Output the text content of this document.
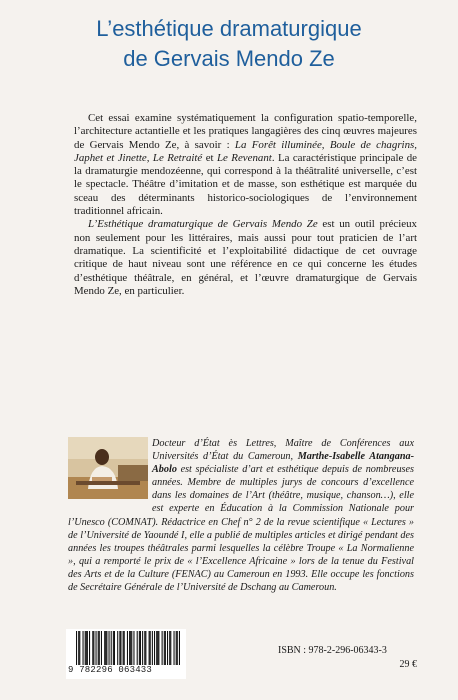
L’esthétique dramaturgique
de Gervais Mendo Ze

Cet essai examine systématiquement la configuration spatio-temporelle, l’architecture actantielle et les pratiques langagières des cinq œuvres majeures de Gervais Mendo Ze, à savoir : La Forêt illuminée, Boule de chagrins, Japhet et Jinette, Le Retraité et Le Revenant. La caractéristique principale de la dramaturgie mendozéenne, qui correspond à la théâtralité universelle, c’est le spectacle. Théâtre d’imitation et de masse, son esthétique est marquée du sceau des déterminants historico-sociologiques de l’environnement traditionnel africain.

L’Esthétique dramaturgique de Gervais Mendo Ze est un outil précieux non seulement pour les littéraires, mais aussi pour tout praticien de l’art dramatique. La scientificité et l’exploitabilité didactique de cet ouvrage critique de haut niveau sont une référence en ce qui concerne les études d’esthétique théâtrale, en général, et l’œuvre dramaturgique de Gervais Mendo Ze, en particulier.

Docteur d’État ès Lettres, Maître de Conférences aux Universités d’État du Cameroun, Marthe-Isabelle Atangana-Abolo est spécialiste d’art et esthétique depuis de nombreuses années. Membre de multiples jurys de concours d’excellence dans les domaines de l’Art (théâtre, musique, chanson…), elle est experte en Éducation à la Commission Nationale pour l’Unesco (COMNAT). Rédactrice en Chef n° 2 de la revue scientifique « Lectures » de l’Université de Yaoundé I, elle a publié de multiples articles et dirigé pendant des années les troupes théâtrales parmi lesquelles la célèbre Troupe « La Normalienne », qui a remporté le prix de « l’Excellence Africaine » lors de la tenue du Festival des Arts et de la Culture (FENAC) au Cameroun en 1993. Elle occupe les fonctions de Secrétaire Générale de l’Université de Dschang au Cameroun.
9 782296 063433
ISBN : 978-2-296-06343-3
29 €
